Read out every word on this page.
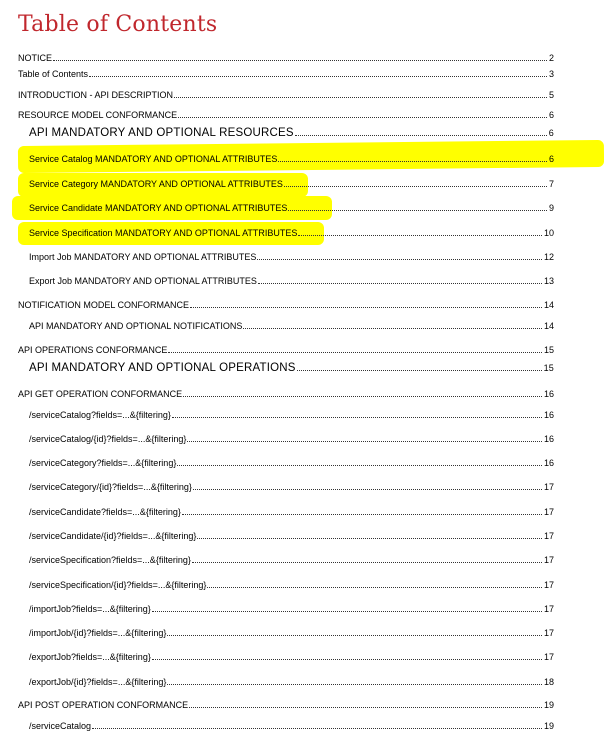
Table of Contents
NOTICE	2
Table of Contents	3
INTRODUCTION - API DESCRIPTION	5
RESOURCE MODEL CONFORMANCE	6
API MANDATORY AND OPTIONAL RESOURCES	6
Service Catalog MANDATORY AND OPTIONAL ATTRIBUTES	6
Service Category MANDATORY AND OPTIONAL ATTRIBUTES	7
Service Candidate MANDATORY AND OPTIONAL ATTRIBUTES	9
Service Specification MANDATORY AND OPTIONAL ATTRIBUTES	10
Import Job MANDATORY AND OPTIONAL ATTRIBUTES	12
Export Job MANDATORY AND OPTIONAL ATTRIBUTES	13
NOTIFICATION MODEL CONFORMANCE	14
API MANDATORY AND OPTIONAL NOTIFICATIONS	14
API OPERATIONS CONFORMANCE	15
API MANDATORY AND OPTIONAL OPERATIONS	15
API GET OPERATION CONFORMANCE	16
/serviceCatalog?fields=...&{filtering}	16
/serviceCatalog/{id}?fields=...&{filtering}	16
/serviceCategory?fields=...&{filtering}	16
/serviceCategory/{id}?fields=...&{filtering}	17
/serviceCandidate?fields=...&{filtering}	17
/serviceCandidate/{id}?fields=...&{filtering}	17
/serviceSpecification?fields=...&{filtering}	17
/serviceSpecification/{id}?fields=...&{filtering}	17
/importJob?fields=...&{filtering}	17
/importJob/{id}?fields=...&{filtering}	17
/exportJob?fields=...&{filtering}	17
/exportJob/{id}?fields=...&{filtering}	18
API POST OPERATION CONFORMANCE	19
/serviceCatalog	19
